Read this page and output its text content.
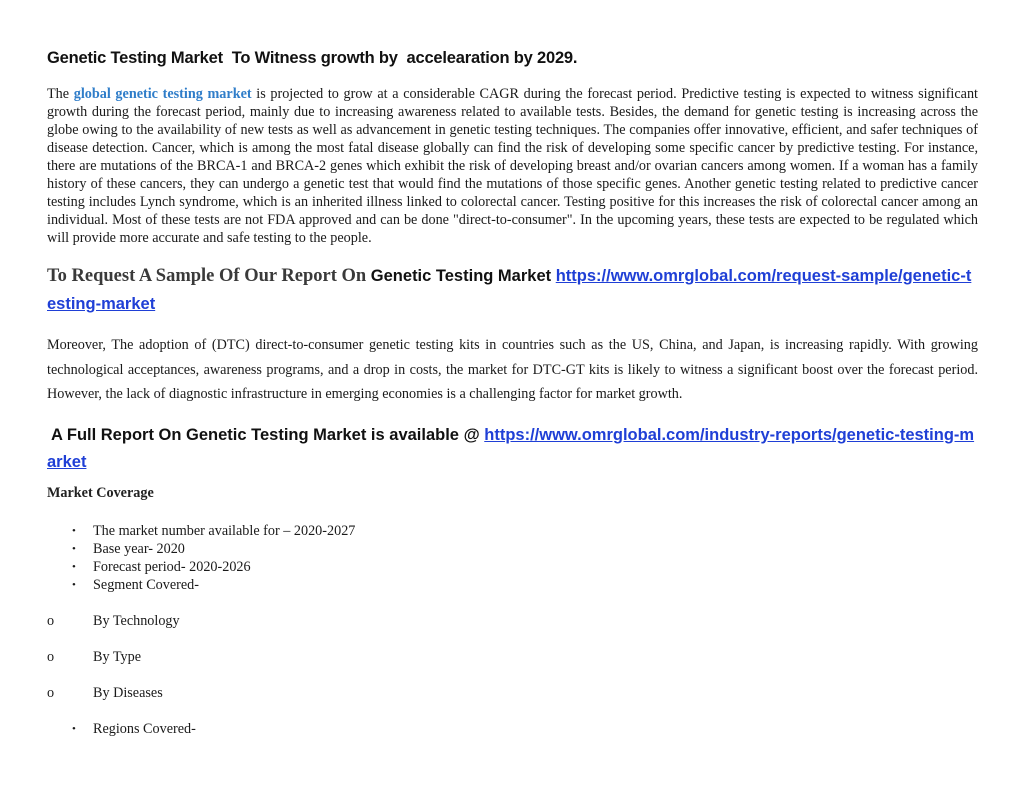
Genetic Testing Market  To Witness growth by  accelearation by 2029.

The global genetic testing market is projected to grow at a considerable CAGR during the forecast period. Predictive testing is expected to witness significant growth during the forecast period, mainly due to increasing awareness related to available tests. Besides, the demand for genetic testing is increasing across the globe owing to the availability of new tests as well as advancement in genetic testing techniques. The companies offer innovative, efficient, and safer techniques of disease detection. Cancer, which is among the most fatal disease globally can find the risk of developing some specific cancer by predictive testing. For instance, there are mutations of the BRCA-1 and BRCA-2 genes which exhibit the risk of developing breast and/or ovarian cancers among women. If a woman has a family history of these cancers, they can undergo a genetic test that would find the mutations of those specific genes. Another genetic testing related to predictive cancer testing includes Lynch syndrome, which is an inherited illness linked to colorectal cancer. Testing positive for this increases the risk of colorectal cancer among an individual. Most of these tests are not FDA approved and can be done "direct-to-consumer". In the upcoming years, these tests are expected to be regulated which will provide more accurate and safe testing to the people.

To Request A Sample Of Our Report On Genetic Testing Market https://www.omrglobal.com/request-sample/genetic-testing-market

Moreover, The adoption of (DTC) direct-to-consumer genetic testing kits in countries such as the US, China, and Japan, is increasing rapidly. With growing technological acceptances, awareness programs, and a drop in costs, the market for DTC-GT kits is likely to witness a significant boost over the forecast period. However, the lack of diagnostic infrastructure in emerging economies is a challenging factor for market growth.

A Full Report On Genetic Testing Market is available @ https://www.omrglobal.com/industry-reports/genetic-testing-market

Market Coverage
• The market number available for – 2020-2027
• Base year- 2020
• Forecast period- 2020-2026
• Segment Covered-
o	By Technology
o	By Type
o	By Diseases
• Regions Covered-
